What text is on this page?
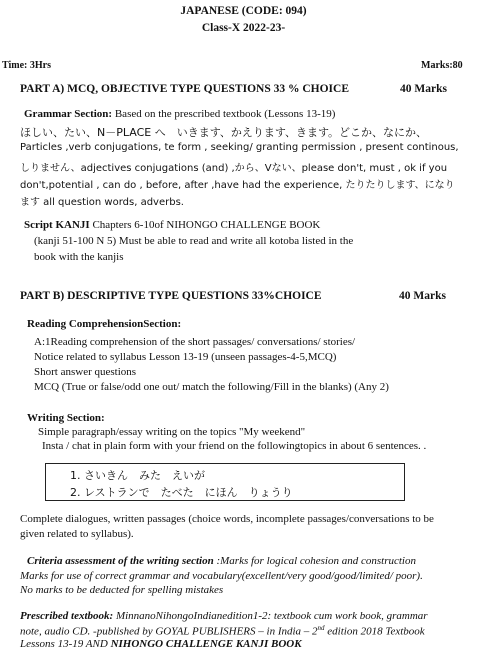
JAPANESE (CODE: 094)
Class-X 2022-23-
Time: 3Hrs	Marks:80
PART A) MCQ, OBJECTIVE TYPE QUESTIONS 33 % CHOICE	40 Marks
Grammar Section: Based on the prescribed textbook (Lessons 13-19)
ほしい、たい、N－PLACE へ　いきます、かえります、きます。どこか、なにか、
Particles ,verb conjugations, te form , seeking/ granting permission , present continous,
しりません、adjectives conjugations (and) ,から、Vない、please don't, must , ok if you
don't,potential , can do , before, after ,have had the experience, たりたりします、になり
ます all question words, adverbs.
Script KANJI Chapters 6-10of NIHONGO CHALLENGE BOOK
(kanji 51-100 N 5) Must be able to read and write all kotoba listed in the
book with the kanjis
PART B) DESCRIPTIVE TYPE QUESTIONS 33%CHOICE	40 Marks
Reading ComprehensionSection:
A:1Reading comprehension of the short passages/ conversations/ stories/
Notice related to syllabus Lesson 13-19 (unseen passages-4-5,MCQ)
Short answer questions
MCQ (True or false/odd one out/ match the following/Fill in the blanks) (Any 2)
Writing Section:
Simple paragraph/essay writing on the topics "My weekend"
Insta / chat in plain form with your friend on the followingtopics in about 6 sentences. .
1. さいきん　みた　えいが
2. レストランで　たべた　にほん　りょうり
Complete dialogues, written passages (choice words, incomplete passages/conversations to be
given related to syllabus).
Criteria assessment of the writing section :Marks for logical cohesion and construction
Marks for use of correct grammar and vocabulary(excellent/very good/good/limited/ poor).
No marks to be deducted for spelling mistakes
Prescribed textbook: MinnanoNihongoIndianedition1-2: textbook cum work book, grammar
note, audio CD. -published by GOYAL PUBLISHERS – in India – 2nd edition 2018 Textbook
Lessons 13-19 AND NIHONGO CHALLENGE KANJI BOOK
